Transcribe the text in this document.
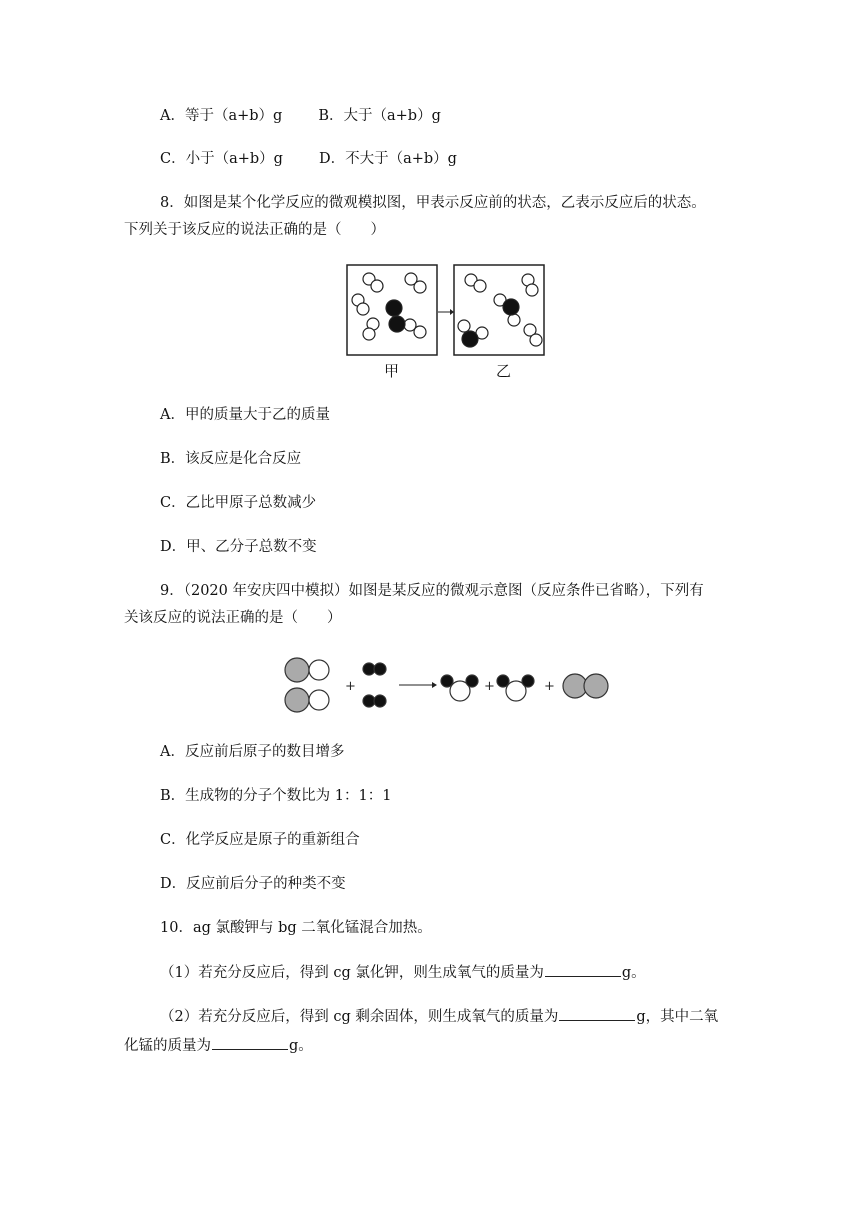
A．等于（a+b）g B．大于（a+b）g
C．小于（a+b）g D．不大于（a+b）g
8．如图是某个化学反应的微观模拟图，甲表示反应前的状态，乙表示反应后的状态。
下列关于该反应的说法正确的是（　　）
甲	乙
A．甲的质量大于乙的质量
B．该反应是化合反应
C．乙比甲原子总数减少
D．甲、乙分子总数不变
9．（2020 年安庆四中模拟）如图是某反应的微观示意图（反应条件已省略），下列有
关该反应的说法正确的是（　　）
+	+	+
A．反应前后原子的数目增多
B．生成物的分子个数比为 1：1：1
C．化学反应是原子的重新组合
D．反应前后分子的种类不变
10．ag 氯酸钾与 bg 二氧化锰混合加热。
（1）若充分反应后，得到 cg 氯化钾，则生成氧气的质量为	g。
（2）若充分反应后，得到 cg 剩余固体，则生成氧气的质量为	g，其中二氧
化锰的质量为	g。
